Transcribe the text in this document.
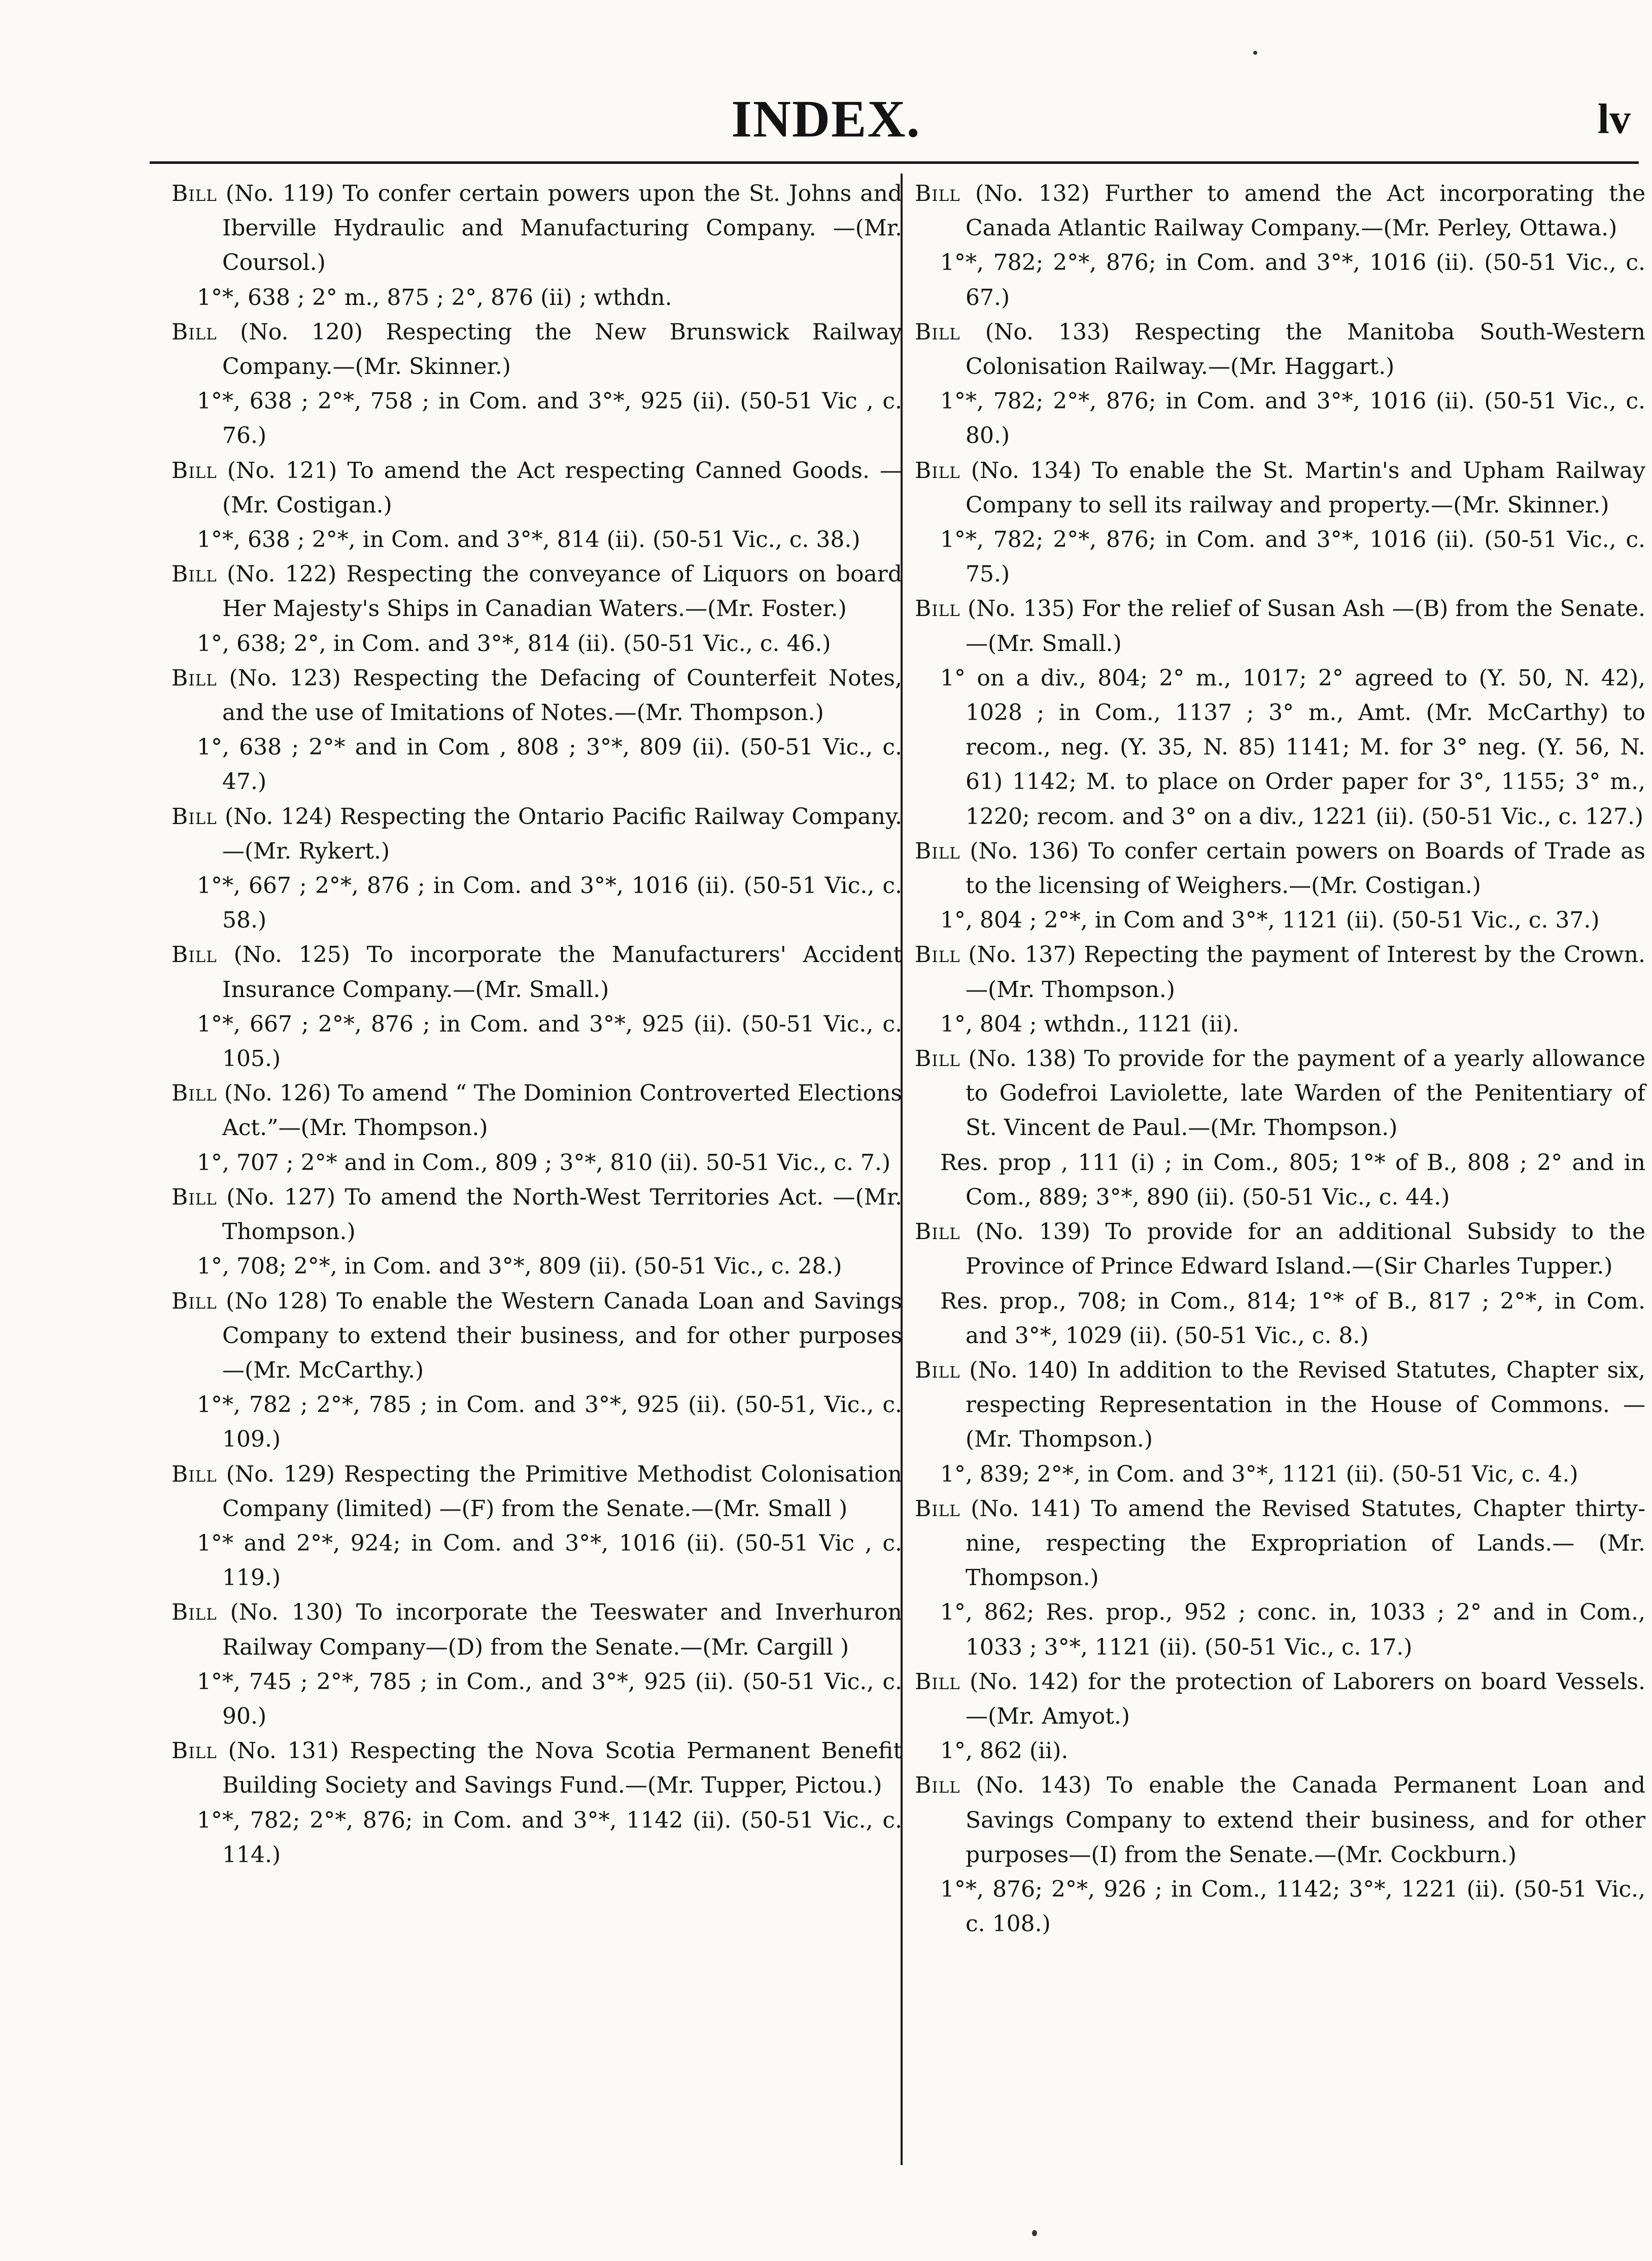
INDEX.	lv

Bill (No. 119) To confer certain powers upon the St. Johns and Iberville Hydraulic and Manufacturing Company. —(Mr. Coursol.)

1°*, 638 ; 2° m., 875 ; 2°, 876 (ii) ; wthdn.

Bill (No. 120) Respecting the New Brunswick Railway Company.—(Mr. Skinner.)

1°*, 638 ; 2°*, 758 ; in Com. and 3°*, 925 (ii). (50-51 Vic , c. 76.)

Bill (No. 121) To amend the Act respecting Canned Goods. —(Mr. Costigan.)

1°*, 638 ; 2°*, in Com. and 3°*, 814 (ii). (50-51 Vic., c. 38.)

Bill (No. 122) Respecting the conveyance of Liquors on board Her Majesty's Ships in Canadian Waters.—(Mr. Foster.)

1°, 638; 2°, in Com. and 3°*, 814 (ii). (50-51 Vic., c. 46.)

Bill (No. 123) Respecting the Defacing of Counterfeit Notes, and the use of Imitations of Notes.—(Mr. Thompson.)

1°, 638 ; 2°* and in Com , 808 ; 3°*, 809 (ii). (50-51 Vic., c. 47.)

Bill (No. 124) Respecting the Ontario Pacific Railway Company.—(Mr. Rykert.)

1°*, 667 ; 2°*, 876 ; in Com. and 3°*, 1016 (ii). (50-51 Vic., c. 58.)

Bill (No. 125) To incorporate the Manufacturers' Accident Insurance Company.—(Mr. Small.)

1°*, 667 ; 2°*, 876 ; in Com. and 3°*, 925 (ii). (50-51 Vic., c. 105.)

Bill (No. 126) To amend “ The Dominion Controverted Elections Act.”—(Mr. Thompson.)

1°, 707 ; 2°* and in Com., 809 ; 3°*, 810 (ii). 50-51 Vic., c. 7.)

Bill (No. 127) To amend the North-West Territories Act. —(Mr. Thompson.)

1°, 708; 2°*, in Com. and 3°*, 809 (ii). (50-51 Vic., c. 28.)

Bill (No 128) To enable the Western Canada Loan and Savings Company to extend their business, and for other purposes —(Mr. McCarthy.)

1°*, 782 ; 2°*, 785 ; in Com. and 3°*, 925 (ii). (50-51, Vic., c. 109.)

Bill (No. 129) Respecting the Primitive Methodist Colonisation Company (limited) —(F) from the Senate.—(Mr. Small )

1°* and 2°*, 924; in Com. and 3°*, 1016 (ii). (50-51 Vic , c. 119.)

Bill (No. 130) To incorporate the Teeswater and Inverhuron Railway Company—(D) from the Senate.—(Mr. Cargill )

1°*, 745 ; 2°*, 785 ; in Com., and 3°*, 925 (ii). (50-51 Vic., c. 90.)

Bill (No. 131) Respecting the Nova Scotia Permanent Benefit Building Society and Savings Fund.—(Mr. Tupper, Pictou.)

1°*, 782; 2°*, 876; in Com. and 3°*, 1142 (ii). (50-51 Vic., c. 114.)

Bill (No. 132) Further to amend the Act incorporating the Canada Atlantic Railway Company.—(Mr. Perley, Ottawa.)

1°*, 782; 2°*, 876; in Com. and 3°*, 1016 (ii). (50-51 Vic., c. 67.)

Bill (No. 133) Respecting the Manitoba South-Western Colonisation Railway.—(Mr. Haggart.)

1°*, 782; 2°*, 876; in Com. and 3°*, 1016 (ii). (50-51 Vic., c. 80.)

Bill (No. 134) To enable the St. Martin's and Upham Railway Company to sell its railway and property.—(Mr. Skinner.)

1°*, 782; 2°*, 876; in Com. and 3°*, 1016 (ii). (50-51 Vic., c. 75.)

Bill (No. 135) For the relief of Susan Ash —(B) from the Senate.—(Mr. Small.)

1° on a div., 804; 2° m., 1017; 2° agreed to (Y. 50, N. 42), 1028 ; in Com., 1137 ; 3° m., Amt. (Mr. McCarthy) to recom., neg. (Y. 35, N. 85) 1141; M. for 3° neg. (Y. 56, N. 61) 1142; M. to place on Order paper for 3°, 1155; 3° m., 1220; recom. and 3° on a div., 1221 (ii). (50-51 Vic., c. 127.)

Bill (No. 136) To confer certain powers on Boards of Trade as to the licensing of Weighers.—(Mr. Costigan.)

1°, 804 ; 2°*, in Com and 3°*, 1121 (ii). (50-51 Vic., c. 37.)

Bill (No. 137) Repecting the payment of Interest by the Crown.—(Mr. Thompson.)

1°, 804 ; wthdn., 1121 (ii).

Bill (No. 138) To provide for the payment of a yearly allowance to Godefroi Laviolette, late Warden of the Penitentiary of St. Vincent de Paul.—(Mr. Thompson.)

Res. prop , 111 (i) ; in Com., 805; 1°* of B., 808 ; 2° and in Com., 889; 3°*, 890 (ii). (50-51 Vic., c. 44.)

Bill (No. 139) To provide for an additional Subsidy to the Province of Prince Edward Island.—(Sir Charles Tupper.)

Res. prop., 708; in Com., 814; 1°* of B., 817 ; 2°*, in Com. and 3°*, 1029 (ii). (50-51 Vic., c. 8.)

Bill (No. 140) In addition to the Revised Statutes, Chapter six, respecting Representation in the House of Commons. —(Mr. Thompson.)

1°, 839; 2°*, in Com. and 3°*, 1121 (ii). (50-51 Vic, c. 4.)

Bill (No. 141) To amend the Revised Statutes, Chapter thirty-nine, respecting the Expropriation of Lands.— (Mr. Thompson.)

1°, 862; Res. prop., 952 ; conc. in, 1033 ; 2° and in Com., 1033 ; 3°*, 1121 (ii). (50-51 Vic., c. 17.)

Bill (No. 142) for the protection of Laborers on board Vessels.—(Mr. Amyot.)

1°, 862 (ii).

Bill (No. 143) To enable the Canada Permanent Loan and Savings Company to extend their business, and for other purposes—(I) from the Senate.—(Mr. Cockburn.)

1°*, 876; 2°*, 926 ; in Com., 1142; 3°*, 1221 (ii). (50-51 Vic., c. 108.)
